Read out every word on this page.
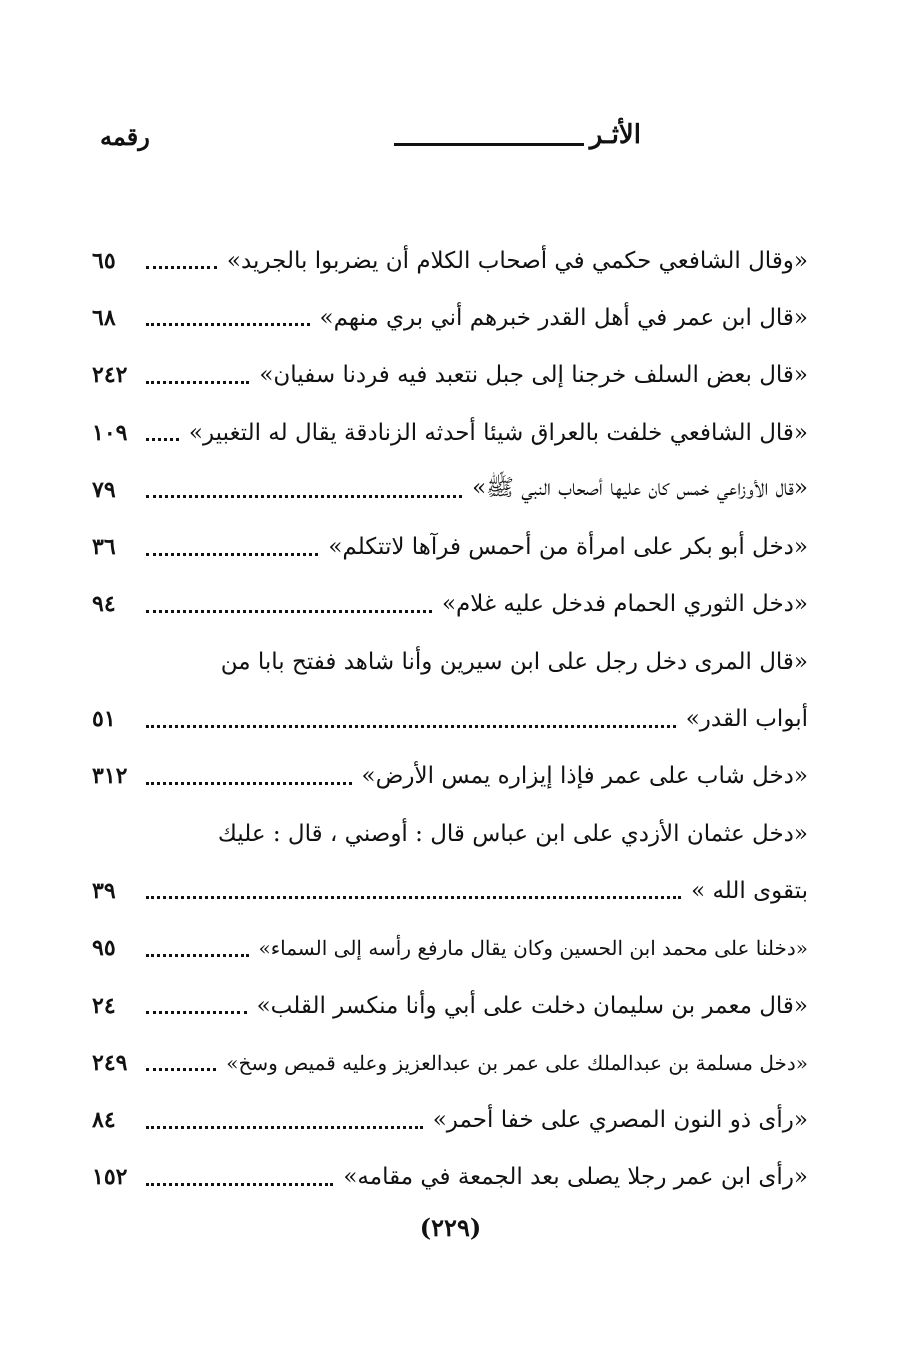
الأثـر
رقمه
«وقال الشافعي حكمي في أصحاب الكلام أن يضربوا بالجريد»
٦٥
«قال ابن عمر في أهل القدر خبرهم أني بري منهم»
٦٨
«قال بعض السلف خرجنا إلى جبل نتعبد فيه فردنا سفيان»
٢٤٢
«قال الشافعي خلفت بالعراق شيئا أحدثه الزنادقة يقال له التغبير»
١٠٩
«قال الأوزاعي خمس كان عليها أصحاب النبي ﷺ»
٧٩
«دخل أبو بكر على امرأة من أحمس فرآها لاتتكلم»
٣٦
«دخل الثوري الحمام فدخل عليه غلام»
٩٤
«قال المرى دخل رجل على ابن سيرين وأنا شاهد ففتح بابا من
أبواب القدر»
٥١
«دخل شاب على عمر فإذا إيزاره يمس الأرض»
٣١٢
«دخل عثمان الأزدي على ابن عباس قال : أوصني ، قال : عليك
بتقوى الله »
٣٩
«دخلنا على محمد ابن الحسين وكان يقال مارفع رأسه إلى السماء»
٩٥
«قال معمر بن سليمان دخلت على أبي وأنا منكسر القلب»
٢٤
«دخل مسلمة بن عبدالملك على عمر بن عبدالعزيز وعليه قميص وسخ»
٢٤٩
«رأى ذو النون المصري على خفا أحمر»
٨٤
«رأى ابن عمر رجلا يصلى بعد الجمعة في مقامه»
١٥٢
(٢٢٩)
